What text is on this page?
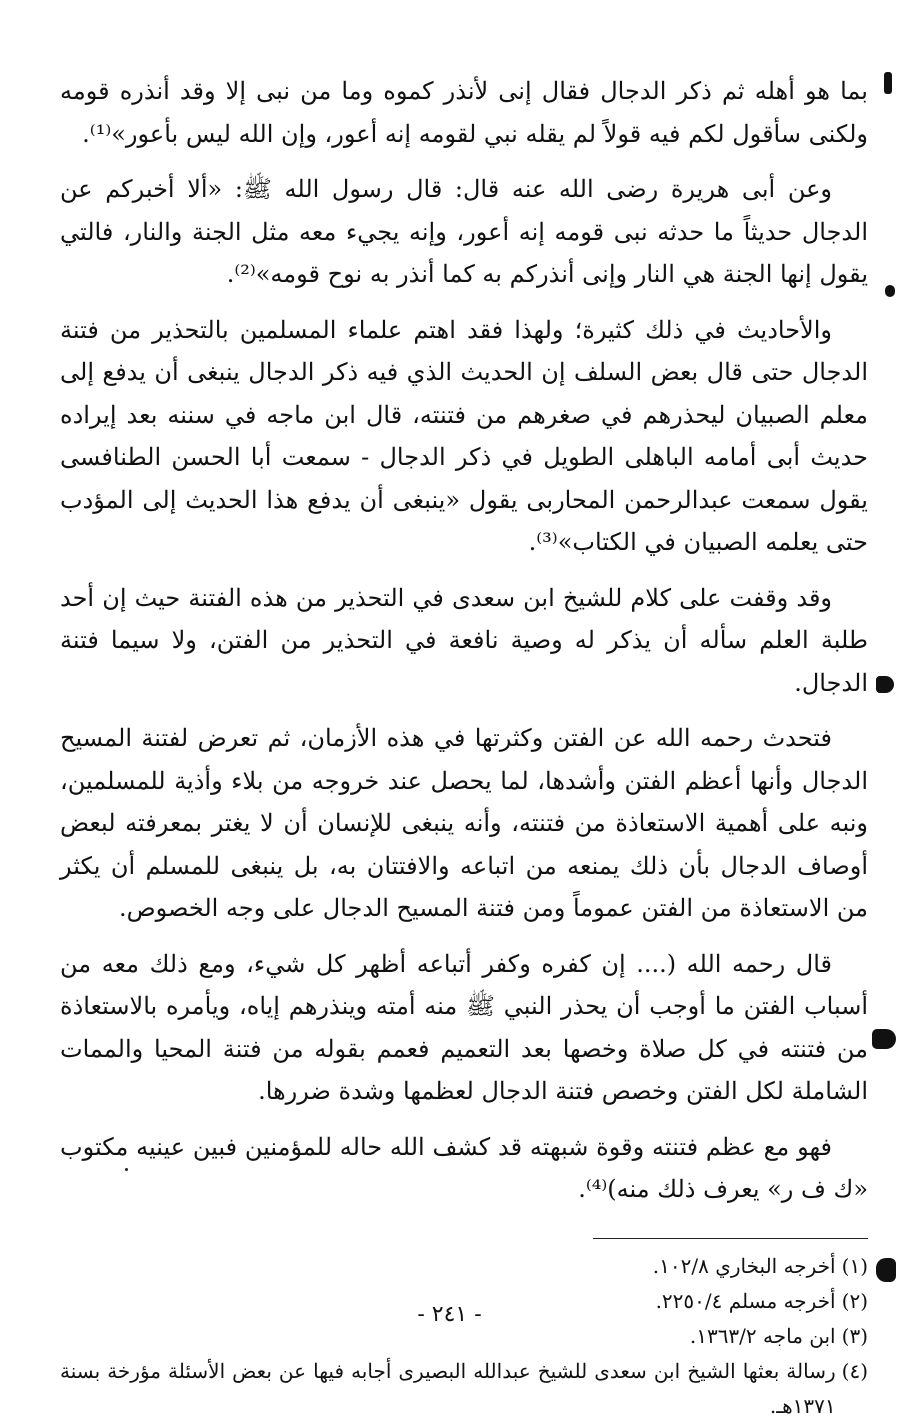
بما هو أهله ثم ذكر الدجال فقال إنى لأنذر كموه وما من نبى إلا وقد أنذره قومه ولكنى سأقول لكم فيه قولاً لم يقله نبي لقومه إنه أعور، وإن الله ليس بأعور»⁽¹⁾.

وعن أبى هريرة رضى الله عنه قال: قال رسول الله ﷺ: «ألا أخبركم عن الدجال حديثاً ما حدثه نبى قومه إنه أعور، وإنه يجيء معه مثل الجنة والنار، فالتي يقول إنها الجنة هي النار وإنى أنذركم به كما أنذر به نوح قومه»⁽²⁾.

والأحاديث في ذلك كثيرة؛ ولهذا فقد اهتم علماء المسلمين بالتحذير من فتنة الدجال حتى قال بعض السلف إن الحديث الذي فيه ذكر الدجال ينبغى أن يدفع إلى معلم الصبيان ليحذرهم في صغرهم من فتنته، قال ابن ماجه في سننه بعد إيراده حديث أبى أمامه الباهلى الطويل في ذكر الدجال - سمعت أبا الحسن الطنافسى يقول سمعت عبدالرحمن المحاربى يقول «ينبغى أن يدفع هذا الحديث إلى المؤدب حتى يعلمه الصبيان في الكتاب»⁽³⁾.

وقد وقفت على كلام للشيخ ابن سعدى في التحذير من هذه الفتنة حيث إن أحد طلبة العلم سأله أن يذكر له وصية نافعة في التحذير من الفتن، ولا سيما فتنة الدجال.

فتحدث رحمه الله عن الفتن وكثرتها في هذه الأزمان، ثم تعرض لفتنة المسيح الدجال وأنها أعظم الفتن وأشدها، لما يحصل عند خروجه من بلاء وأذية للمسلمين، ونبه على أهمية الاستعاذة من فتنته، وأنه ينبغى للإنسان أن لا يغتر بمعرفته لبعض أوصاف الدجال بأن ذلك يمنعه من اتباعه والافتتان به، بل ينبغى للمسلم أن يكثر من الاستعاذة من الفتن عموماً ومن فتنة المسيح الدجال على وجه الخصوص.

قال رحمه الله (.... إن كفره وكفر أتباعه أظهر كل شيء، ومع ذلك معه من أسباب الفتن ما أوجب أن يحذر النبي ﷺ منه أمته وينذرهم إياه، ويأمره بالاستعاذة من فتنته في كل صلاة وخصها بعد التعميم فعمم بقوله من فتنة المحيا والممات الشاملة لكل الفتن وخصص فتنة الدجال لعظمها وشدة ضررها.

فهو مع عظم فتنته وقوة شبهته قد كشف الله حاله للمؤمنين فبين عينيه مكتوب «ك ف ر» يعرف ذلك منه)⁽⁴⁾.

(١)
أخرجه البخاري ١٠٢/٨.
(٢)
أخرجه مسلم ٢٢٥٠/٤.
(٣)
ابن ماجه ١٣٦٣/٢.
(٤)
رسالة بعثها الشيخ ابن سعدى للشيخ عبدالله البصيرى أجابه فيها عن بعض الأسئلة مؤرخة بسنة ١٣٧١هـ.
- ٢٤١ -
